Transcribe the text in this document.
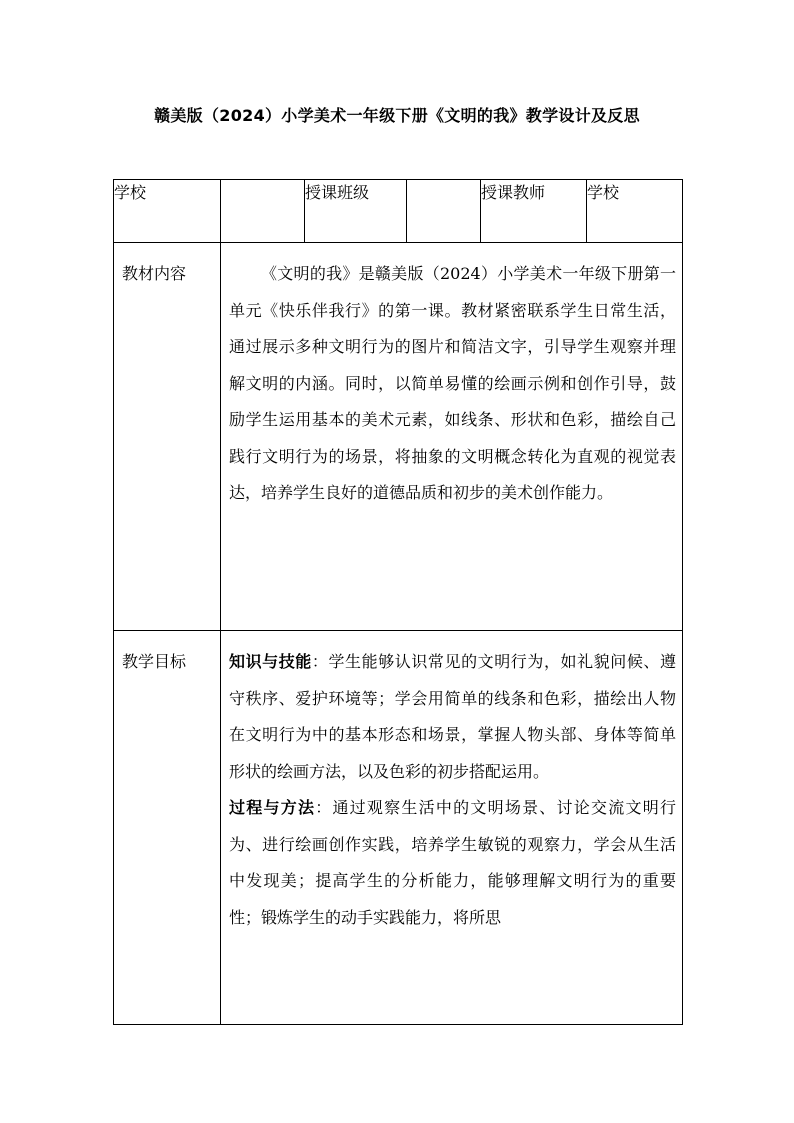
赣美版（2024）小学美术一年级下册《文明的我》教学设计及反思
学校		授课班级		授课教师	学校

教材内容	《文明的我》是赣美版（2024）小学美术一年级下册第一单元《快乐伴我行》的第一课。教材紧密联系学生日常生活，通过展示多种文明行为的图片和简洁文字，引导学生观察并理解文明的内涵。同时，以简单易懂的绘画示例和创作引导，鼓励学生运用基本的美术元素，如线条、形状和色彩，描绘自己践行文明行为的场景，将抽象的文明概念转化为直观的视觉表达，培养学生良好的道德品质和初步的美术创作能力。				

教学目标	知识与技能：学生能够认识常见的文明行为，如礼貌问候、遵守秩序、爱护环境等；学会用简单的线条和色彩，描绘出人物在文明行为中的基本形态和场景，掌握人物头部、身体等简单形状的绘画方法，以及色彩的初步搭配运用。

过程与方法：通过观察生活中的文明场景、讨论交流文明行为、进行绘画创作实践，培养学生敏锐的观察力，学会从生活中发现美；提高学生的分析能力，能够理解文明行为的重要性；锻炼学生的动手实践能力，将所思				
